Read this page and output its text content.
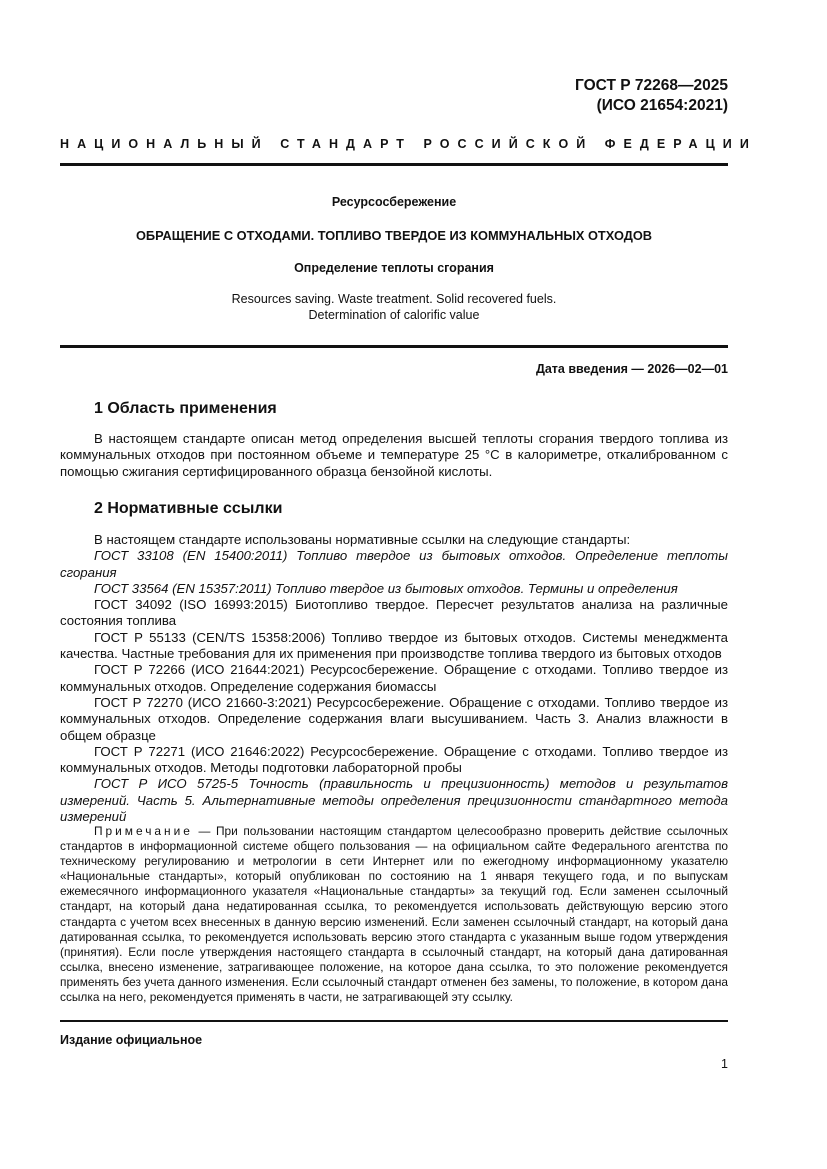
ГОСТ Р 72268—2025
(ИСО 21654:2021)
НАЦИОНАЛЬНЫЙ СТАНДАРТ РОССИЙСКОЙ ФЕДЕРАЦИИ
Ресурсосбережение
ОБРАЩЕНИЕ С ОТХОДАМИ. ТОПЛИВО ТВЕРДОЕ ИЗ КОММУНАЛЬНЫХ ОТХОДОВ
Определение теплоты сгорания
Resources saving. Waste treatment. Solid recovered fuels.
Determination of calorific value
Дата введения — 2026—02—01
1 Область применения

В настоящем стандарте описан метод определения высшей теплоты сгорания твердого топлива из коммунальных отходов при постоянном объеме и температуре 25 °C в калориметре, откалиброванном с помощью сжигания сертифицированного образца бензойной кислоты.

2 Нормативные ссылки

В настоящем стандарте использованы нормативные ссылки на следующие стандарты:

ГОСТ 33108 (EN 15400:2011) Топливо твердое из бытовых отходов. Определение теплоты сгорания

ГОСТ 33564 (EN 15357:2011) Топливо твердое из бытовых отходов. Термины и определения

ГОСТ 34092 (ISO 16993:2015) Биотопливо твердое. Пересчет результатов анализа на различные состояния топлива

ГОСТ Р 55133 (CEN/TS 15358:2006) Топливо твердое из бытовых отходов. Системы менеджмента качества. Частные требования для их применения при производстве топлива твердого из бытовых отходов

ГОСТ Р 72266 (ИСО 21644:2021) Ресурсосбережение. Обращение с отходами. Топливо твердое из коммунальных отходов. Определение содержания биомассы

ГОСТ Р 72270 (ИСО 21660-3:2021) Ресурсосбережение. Обращение с отходами. Топливо твердое из коммунальных отходов. Определение содержания влаги высушиванием. Часть 3. Анализ влажности в общем образце

ГОСТ Р 72271 (ИСО 21646:2022) Ресурсосбережение. Обращение с отходами. Топливо твердое из коммунальных отходов. Методы подготовки лабораторной пробы

ГОСТ Р ИСО 5725-5 Точность (правильность и прецизионность) методов и результатов измерений. Часть 5. Альтернативные методы определения прецизионности стандартного метода измерений

Примечание — При пользовании настоящим стандартом целесообразно проверить действие ссылочных стандартов в информационной системе общего пользования — на официальном сайте Федерального агентства по техническому регулированию и метрологии в сети Интернет или по ежегодному информационному указателю «Национальные стандарты», который опубликован по состоянию на 1 января текущего года, и по выпускам ежемесячного информационного указателя «Национальные стандарты» за текущий год. Если заменен ссылочный стандарт, на который дана недатированная ссылка, то рекомендуется использовать действующую версию этого стандарта с учетом всех внесенных в данную версию изменений. Если заменен ссылочный стандарт, на который дана датированная ссылка, то рекомендуется использовать версию этого стандарта с указанным выше годом утверждения (принятия). Если после утверждения настоящего стандарта в ссылочный стандарт, на который дана датированная ссылка, внесено изменение, затрагивающее положение, на которое дана ссылка, то это положение рекомендуется применять без учета данного изменения. Если ссылочный стандарт отменен без замены, то положение, в котором дана ссылка на него, рекомендуется применять в части, не затрагивающей эту ссылку.

Издание официальное
1
